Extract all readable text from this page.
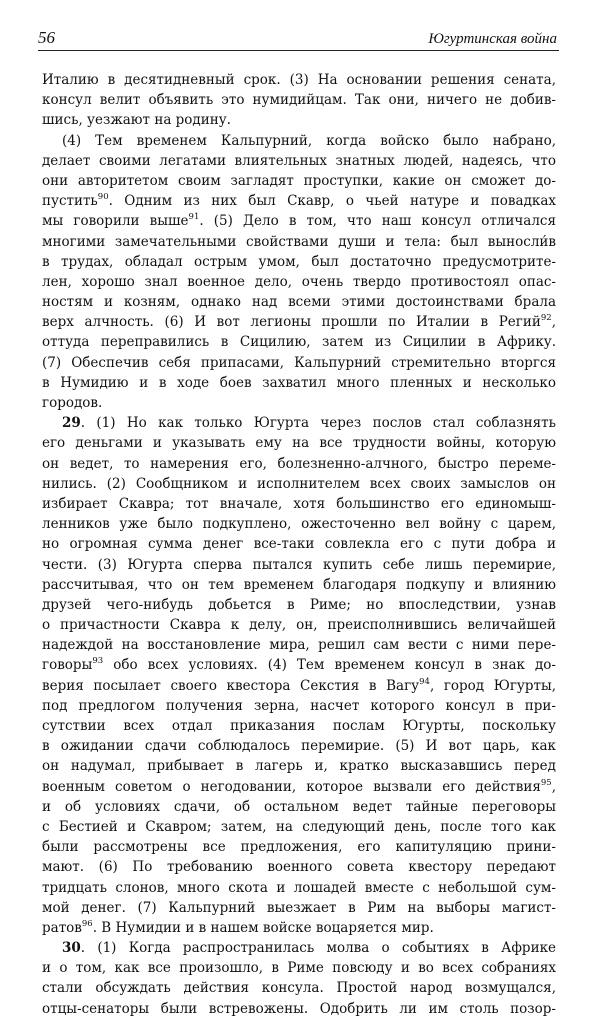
56	Югуртинская война
Италию в десятидневный срок. (3) На основании решения сената,
консул велит объявить это нумидийцам. Так они, ничего не добив-
шись, уезжают на родину.
(4) Тем временем Кальпурний, когда войско было набрано,
делает своими легатами влиятельных знатных людей, надеясь, что
они авторитетом своим загладят проступки, какие он сможет до-
пустить$^{90}$. Одним из них был Скавр, о чьей натуре и повадках
мы говорили выше$^{91}$. (5) Дело в том, что наш консул отличался
многими замечательными свойствами души и тела: был выносли́в
в трудах, обладал острым умом, был достаточно предусмотрите-
лен, хорошо знал военное дело, очень твердо противостоял опас-
ностям и козням, однако над всеми этими достоинствами брала
верх алчность. (6) И вот легионы прошли по Италии в Регий$^{92}$,
оттуда переправились в Сицилию, затем из Сицилии в Африку.
(7) Обеспечив себя припасами, Кальпурний стремительно вторгся
в Нумидию и в ходе боев захватил много пленных и несколько
городов.
29. (1) Но как только Югурта через послов стал соблазнять
его деньгами и указывать ему на все трудности войны, которую
он ведет, то намерения его, болезненно-алчного, быстро переме-
нились. (2) Сообщником и исполнителем всех своих замыслов он
избирает Скавра; тот вначале, хотя большинство его единомыш-
ленников уже было подкуплено, ожесточенно вел войну с царем,
но огромная сумма денег все-таки совлекла его с пути добра и
чести. (3) Югурта сперва пытался купить себе лишь перемирие,
рассчитывая, что он тем временем благодаря подкупу и влиянию
друзей чего-нибудь добьется в Риме; но впоследствии, узнав
о причастности Скавра к делу, он, преисполнившись величайшей
надеждой на восстановление мира, решил сам вести с ними пере-
говоры$^{93}$ обо всех условиях. (4) Тем временем консул в знак до-
верия посылает своего квестора Секстия в Вагу$^{94}$, город Югурты,
под предлогом получения зерна, насчет которого консул в при-
сутствии всех отдал приказания послам Югурты, поскольку
в ожидании сдачи соблюдалось перемирие. (5) И вот царь, как
он надумал, прибывает в лагерь и, кратко высказавшись перед
военным советом о негодовании, которое вызвали его действия$^{95}$,
и об условиях сдачи, об остальном ведет тайные переговоры
с Бестией и Скавром; затем, на следующий день, после того как
были рассмотрены все предложения, его капитуляцию прини-
мают. (6) По требованию военного совета квестору передают
тридцать слонов, много скота и лошадей вместе с небольшой сум-
мой денег. (7) Кальпурний выезжает в Рим на выборы магист-
ратов$^{96}$. В Нумидии и в нашем войске воцаряется мир.
30. (1) Когда распространилась молва о событиях в Африке
и о том, как все произошло, в Риме повсюду и во всех собраниях
стали обсуждать действия консула. Простой народ возмущался,
отцы-сенаторы были встревожены. Одобрить ли им столь позор-
